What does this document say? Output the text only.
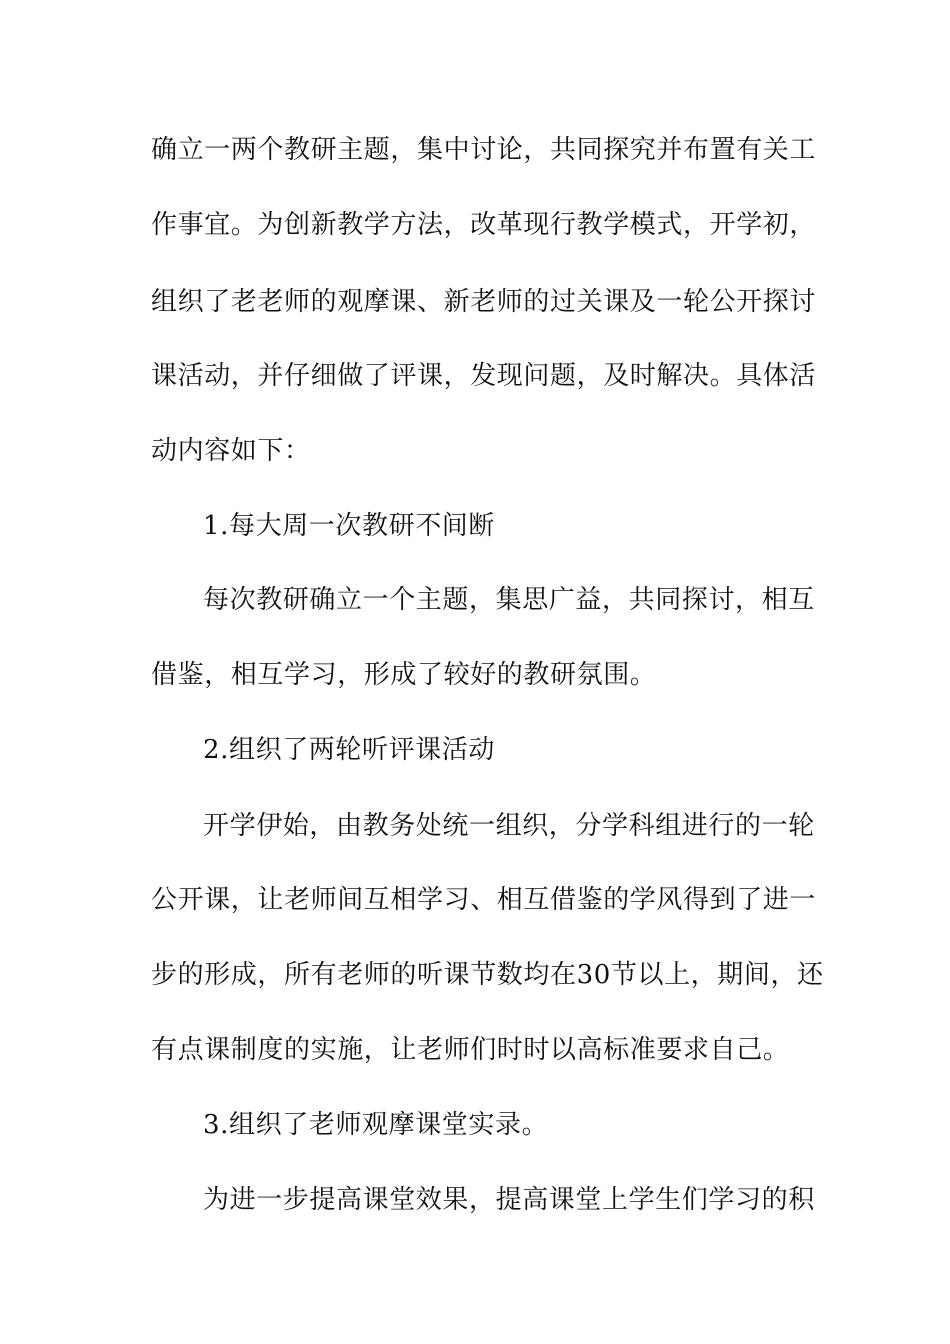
确立一两个教研主题，集中讨论，共同探究并布置有关工
作事宜。为创新教学方法，改革现行教学模式，开学初，
组织了老老师的观摩课、新老师的过关课及一轮公开探讨
课活动，并仔细做了评课，发现问题，及时解决。具体活
动内容如下：
1.每大周一次教研不间断
每次教研确立一个主题，集思广益，共同探讨，相互
借鉴，相互学习，形成了较好的教研氛围。
2.组织了两轮听评课活动
开学伊始，由教务处统一组织，分学科组进行的一轮
公开课，让老师间互相学习、相互借鉴的学风得到了进一
步的形成，所有老师的听课节数均在30节以上，期间，还
有点课制度的实施，让老师们时时以高标准要求自己。
3.组织了老师观摩课堂实录。
为进一步提高课堂效果，提高课堂上学生们学习的积
